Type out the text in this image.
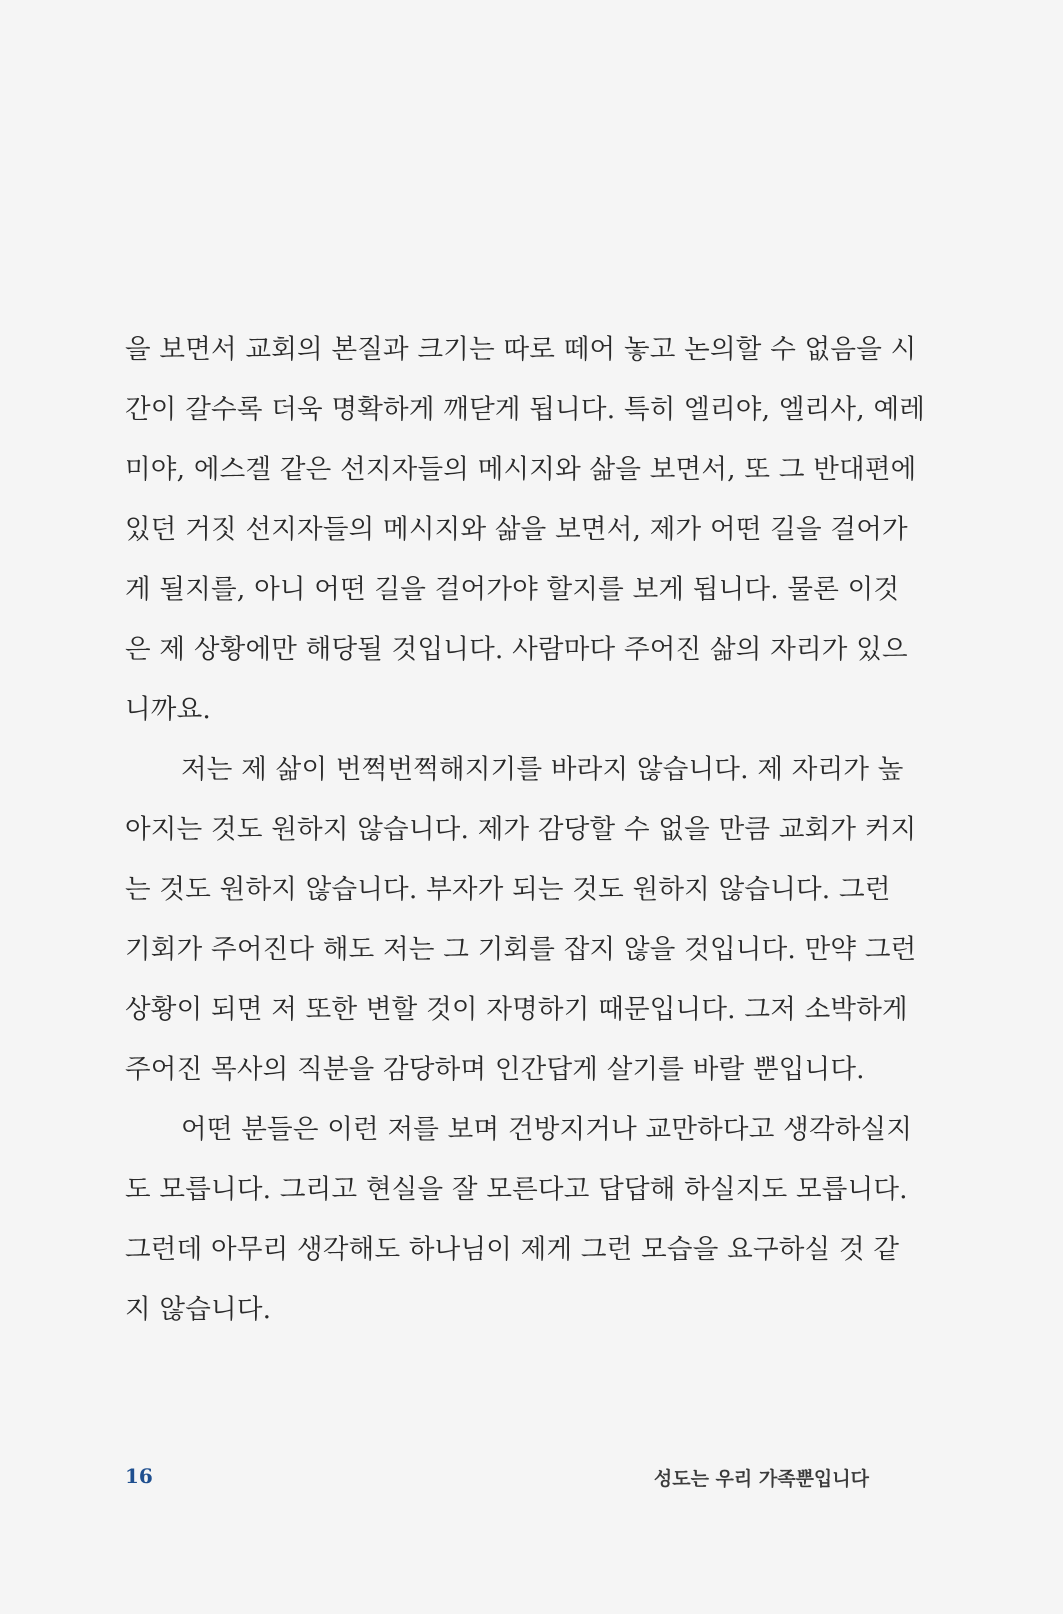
을 보면서 교회의 본질과 크기는 따로 떼어 놓고 논의할 수 없음을 시
간이 갈수록 더욱 명확하게 깨닫게 됩니다. 특히 엘리야, 엘리사, 예레
미야, 에스겔 같은 선지자들의 메시지와 삶을 보면서, 또 그 반대편에
있던 거짓 선지자들의 메시지와 삶을 보면서, 제가 어떤 길을 걸어가
게 될지를, 아니 어떤 길을 걸어가야 할지를 보게 됩니다. 물론 이것
은 제 상황에만 해당될 것입니다. 사람마다 주어진 삶의 자리가 있으
니까요.
저는 제 삶이 번쩍번쩍해지기를 바라지 않습니다. 제 자리가 높
아지는 것도 원하지 않습니다. 제가 감당할 수 없을 만큼 교회가 커지
는 것도 원하지 않습니다. 부자가 되는 것도 원하지 않습니다. 그런
기회가 주어진다 해도 저는 그 기회를 잡지 않을 것입니다. 만약 그런
상황이 되면 저 또한 변할 것이 자명하기 때문입니다. 그저 소박하게
주어진 목사의 직분을 감당하며 인간답게 살기를 바랄 뿐입니다.
어떤 분들은 이런 저를 보며 건방지거나 교만하다고 생각하실지
도 모릅니다. 그리고 현실을 잘 모른다고 답답해 하실지도 모릅니다.
그런데 아무리 생각해도 하나님이 제게 그런 모습을 요구하실 것 같
지 않습니다.
16	성도는 우리 가족뿐입니다
